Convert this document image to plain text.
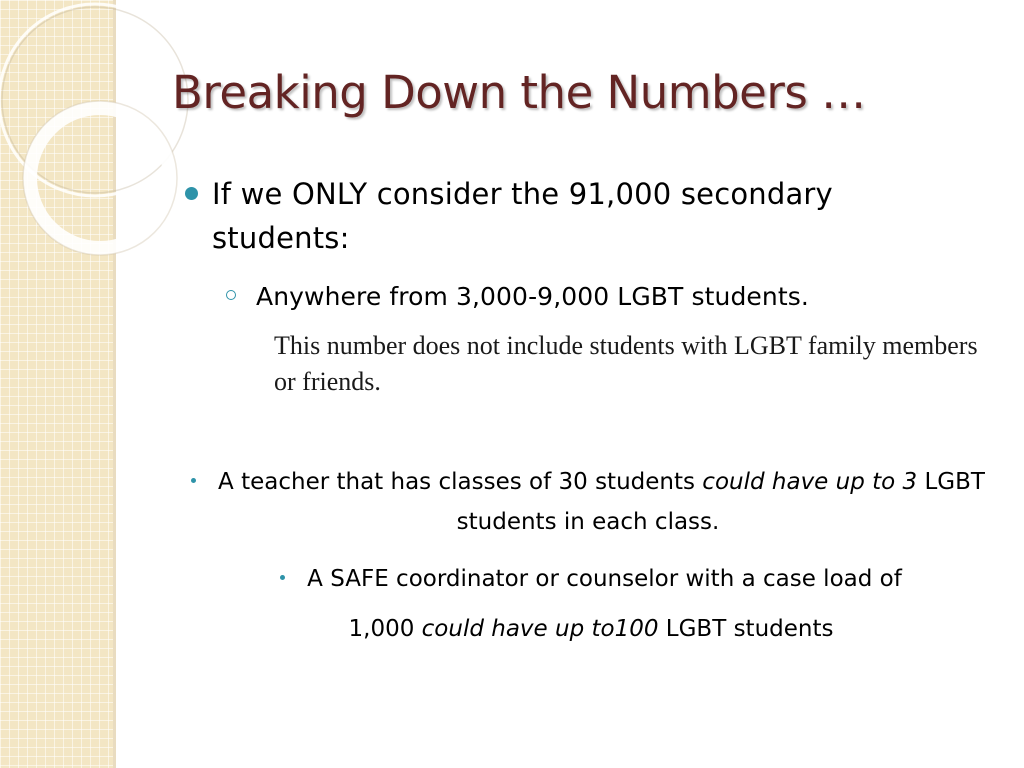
Breaking Down the Numbers …
If we ONLY consider the 91,000 secondary students:
Anywhere from 3,000-9,000 LGBT students.
This number does not include students with LGBT family members or friends.
A teacher that has classes of 30 students could have up to 3 LGBT students in each class.
A SAFE coordinator or counselor with a case load of
1,000 could have up to100 LGBT students
